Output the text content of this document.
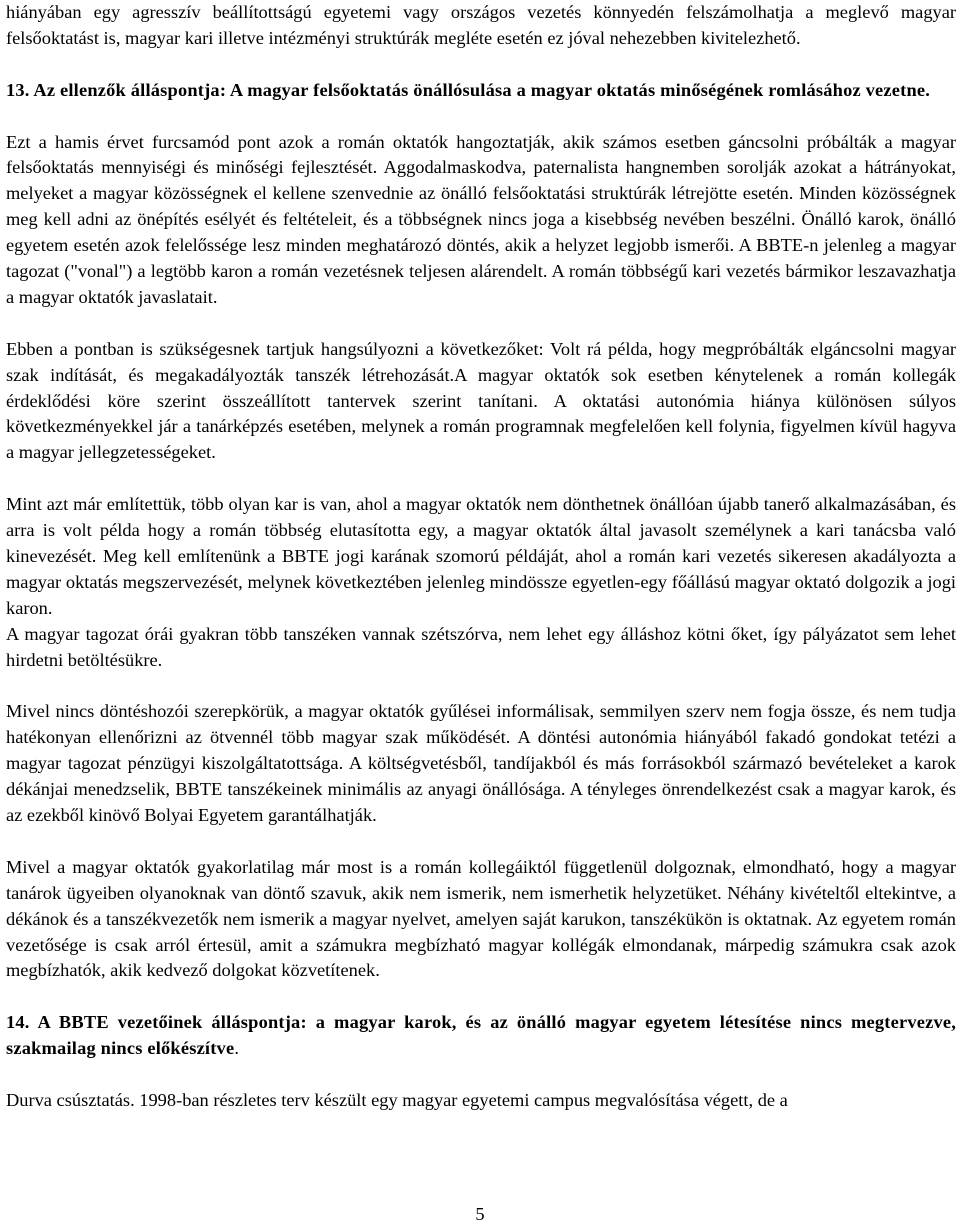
hiányában egy agresszív beállítottságú egyetemi vagy országos vezetés könnyedén felszámolhatja a meglevő magyar felsőoktatást is, magyar kari illetve intézményi struktúrák megléte esetén ez jóval nehezebben kivitelezhető.

13. Az ellenzők álláspontja: A magyar felsőoktatás önállósulása a magyar oktatás minőségének romlásához vezetne.

Ezt a hamis érvet furcsamód pont azok a román oktatók hangoztatják, akik számos esetben gáncsolni próbálták a magyar felsőoktatás mennyiségi és minőségi fejlesztését. Aggodalmaskodva, paternalista hangnemben sorolják azokat a hátrányokat, melyeket a magyar közösségnek el kellene szenvednie az önálló felsőoktatási struktúrák létrejötte esetén. Minden közösségnek meg kell adni az önépítés esélyét és feltételeit, és a többségnek nincs joga a kisebbség nevében beszélni. Önálló karok, önálló egyetem esetén azok felelőssége lesz minden meghatározó döntés, akik a helyzet legjobb ismerői. A BBTE-n jelenleg a magyar tagozat ("vonal") a legtöbb karon a román vezetésnek teljesen alárendelt. A román többségű kari vezetés bármikor leszavazhatja a magyar oktatók javaslatait.

Ebben a pontban is szükségesnek tartjuk hangsúlyozni a következőket: Volt rá példa, hogy megpróbálták elgáncsolni magyar szak indítását, és megakadályozták tanszék létrehozását.A magyar oktatók sok esetben kénytelenek a román kollegák érdeklődési köre szerint összeállított tantervek szerint tanítani. A oktatási autonómia hiánya különösen súlyos következményekkel jár a tanárképzés esetében, melynek a román programnak megfelelően kell folynia, figyelmen kívül hagyva a magyar jellegzetességeket.

Mint azt már említettük, több olyan kar is van, ahol a magyar oktatók nem dönthetnek önállóan újabb tanerő alkalmazásában, és arra is volt példa hogy a román többség elutasította egy, a magyar oktatók által javasolt személynek a kari tanácsba való kinevezését. Meg kell említenünk a BBTE jogi karának szomorú példáját, ahol a román kari vezetés sikeresen akadályozta a magyar oktatás megszervezését, melynek következtében jelenleg mindössze egyetlen-egy főállású magyar oktató dolgozik a jogi karon.

A magyar tagozat órái gyakran több tanszéken vannak szétszórva, nem lehet egy álláshoz kötni őket, így pályázatot sem lehet hirdetni betöltésükre.

Mivel nincs döntéshozói szerepkörük, a magyar oktatók gyűlései informálisak, semmilyen szerv nem fogja össze, és nem tudja hatékonyan ellenőrizni az ötvennél több magyar szak működését. A döntési autonómia hiányából fakadó gondokat tetézi a magyar tagozat pénzügyi kiszolgáltatottsága. A költségvetésből, tandíjakból és más forrásokból származó bevételeket a karok dékánjai menedzselik, BBTE tanszékeinek minimális az anyagi önállósága. A tényleges önrendelkezést csak a magyar karok, és az ezekből kinövő Bolyai Egyetem garantálhatják.

Mivel a magyar oktatók gyakorlatilag már most is a román kollegáiktól függetlenül dolgoznak, elmondható, hogy a magyar tanárok ügyeiben olyanoknak van döntő szavuk, akik nem ismerik, nem ismerhetik helyzetüket. Néhány kivételtől eltekintve, a dékánok és a tanszékvezetők nem ismerik a magyar nyelvet, amelyen saját karukon, tanszékükön is oktatnak. Az egyetem román vezetősége is csak arról értesül, amit a számukra megbízható magyar kollégák elmondanak, márpedig számukra csak azok megbízhatók, akik kedvező dolgokat közvetítenek.

14. A BBTE vezetőinek álláspontja: a magyar karok, és az önálló magyar egyetem létesítése nincs megtervezve, szakmailag nincs előkészítve.

Durva csúsztatás. 1998-ban részletes terv készült egy magyar egyetemi campus megvalósítása végett, de a

5
